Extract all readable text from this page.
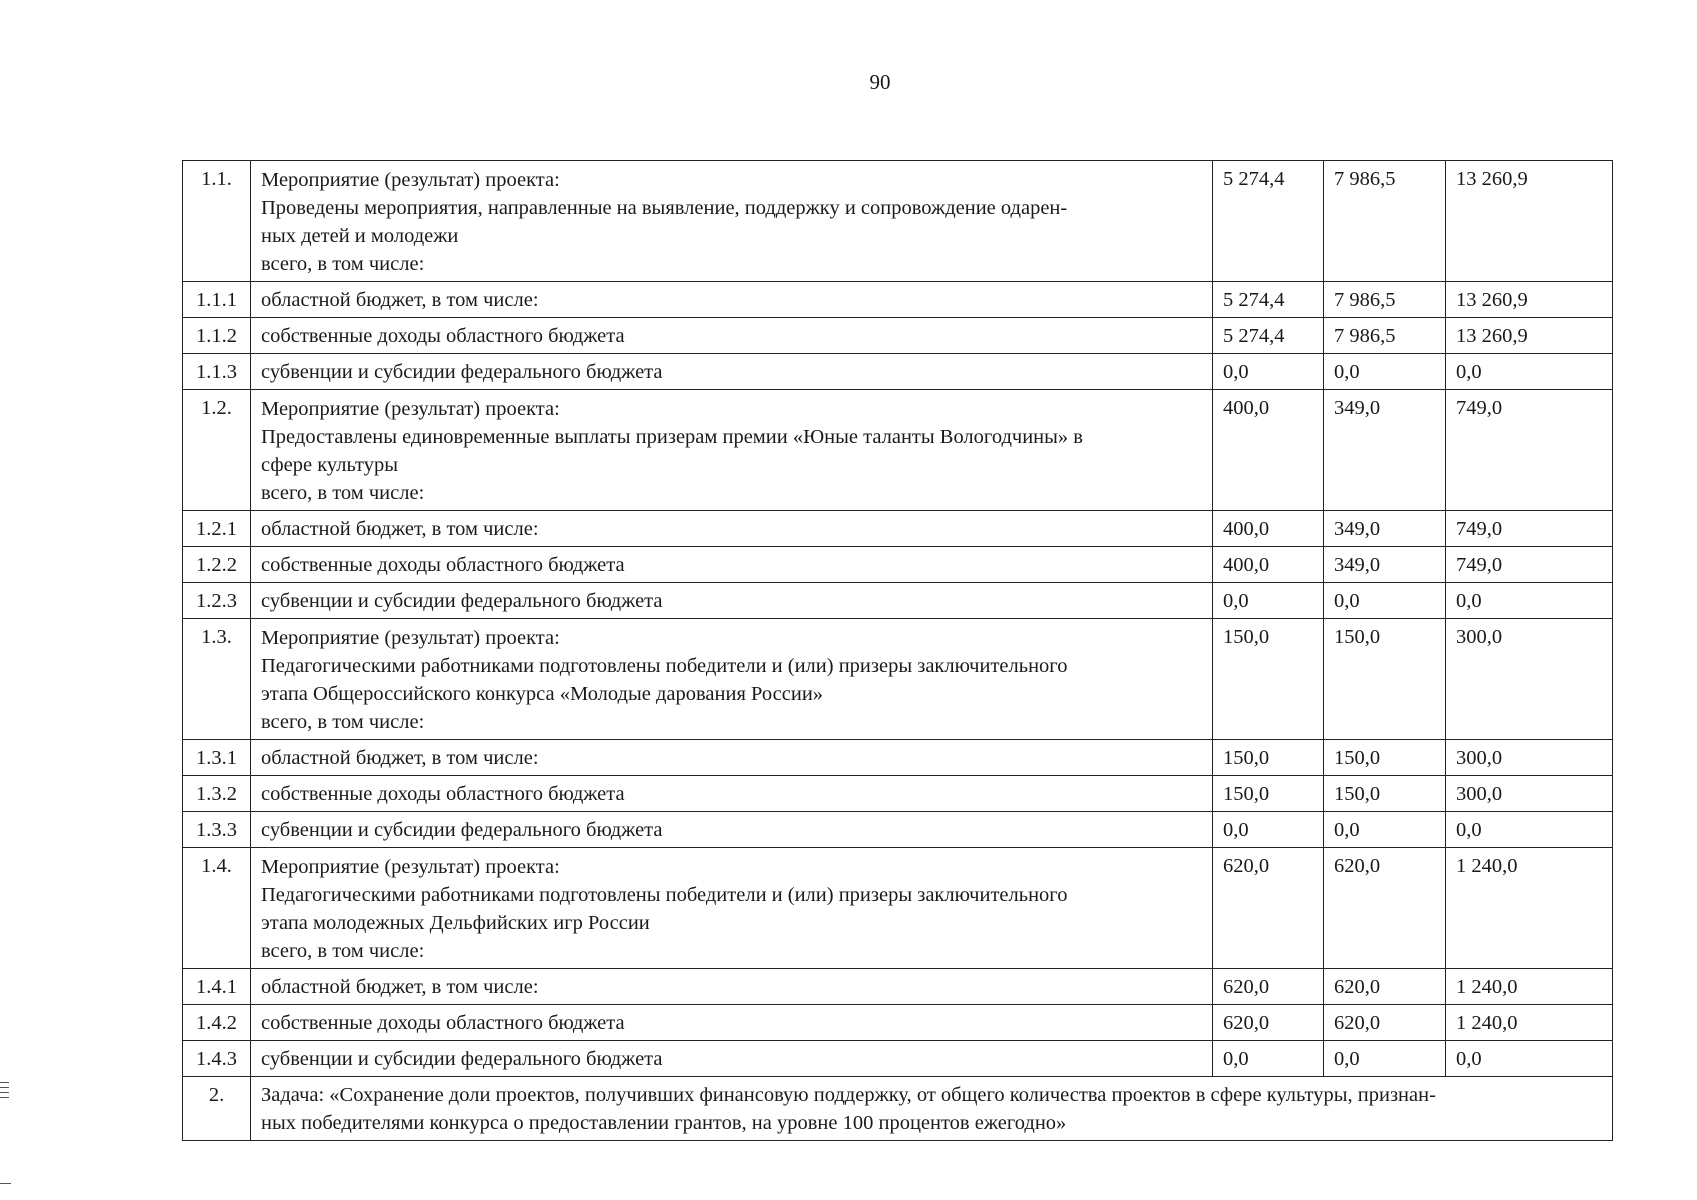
90
1.1.	Мероприятие (результат) проекта:
Проведены мероприятия, направленные на выявление, поддержку и сопровождение одарен-
ных детей и молодежи
всего, в том числе:	5 274,4	7 986,5	13 260,9
1.1.1	областной бюджет, в том числе:	5 274,4	7 986,5	13 260,9
1.1.2	собственные доходы областного бюджета	5 274,4	7 986,5	13 260,9
1.1.3	субвенции и субсидии федерального бюджета	0,0	0,0	0,0
1.2.	Мероприятие (результат) проекта:
Предоставлены единовременные выплаты призерам премии «Юные таланты Вологодчины» в
сфере культуры
всего, в том числе:	400,0	349,0	749,0
1.2.1	областной бюджет, в том числе:	400,0	349,0	749,0
1.2.2	собственные доходы областного бюджета	400,0	349,0	749,0
1.2.3	субвенции и субсидии федерального бюджета	0,0	0,0	0,0
1.3.	Мероприятие (результат) проекта:
Педагогическими работниками подготовлены победители и (или) призеры заключительного
этапа Общероссийского конкурса «Молодые дарования России»
всего, в том числе:	150,0	150,0	300,0
1.3.1	областной бюджет, в том числе:	150,0	150,0	300,0
1.3.2	собственные доходы областного бюджета	150,0	150,0	300,0
1.3.3	субвенции и субсидии федерального бюджета	0,0	0,0	0,0
1.4.	Мероприятие (результат) проекта:
Педагогическими работниками подготовлены победители и (или) призеры заключительного
этапа молодежных Дельфийских игр России
всего, в том числе:	620,0	620,0	1 240,0
1.4.1	областной бюджет, в том числе:	620,0	620,0	1 240,0
1.4.2	собственные доходы областного бюджета	620,0	620,0	1 240,0
1.4.3	субвенции и субсидии федерального бюджета	0,0	0,0	0,0
2.	Задача: «Сохранение доли проектов, получивших финансовую поддержку, от общего количества проектов в сфере культуры, признан-
ных победителями конкурса о предоставлении грантов, на уровне 100 процентов ежегодно»			
